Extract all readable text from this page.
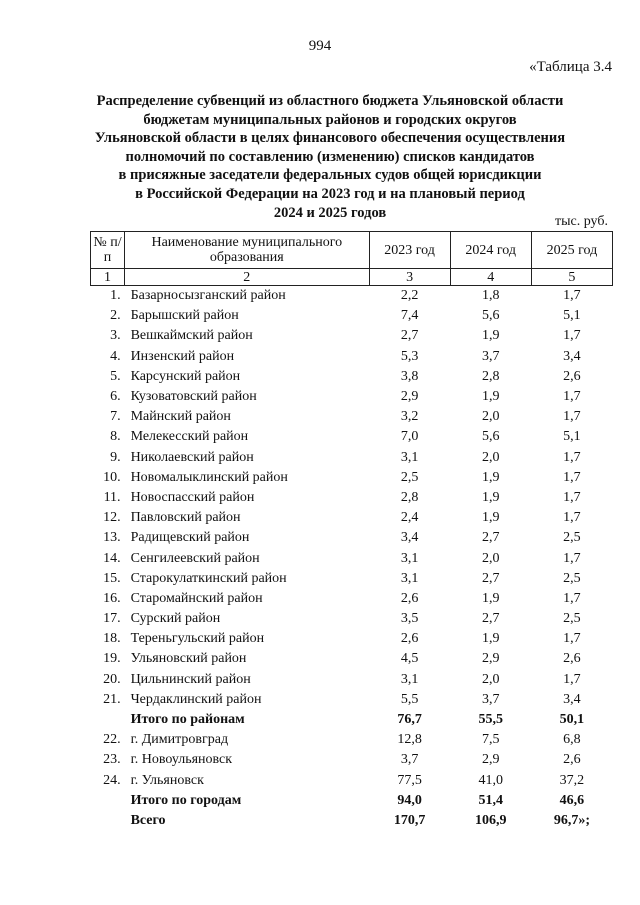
994
«Таблица 3.4
Распределение субвенций из областного бюджета Ульяновской области
бюджетам муниципальных районов и городских округов
Ульяновской области в целях финансового обеспечения осуществления
полномочий по составлению (изменению) списков кандидатов
в присяжные заседатели федеральных судов общей юрисдикции
в Российской Федерации на 2023 год и на плановый период
2024 и 2025 годов
тыс. руб.
№ п/п	Наименование муниципального образования	2023 год	2024 год	2025 год
1	2	3	4	5
1.	Базарносызганский район	2,2	1,8	1,7
2.	Барышский район	7,4	5,6	5,1
3.	Вешкаймский район	2,7	1,9	1,7
4.	Инзенский район	5,3	3,7	3,4
5.	Карсунский район	3,8	2,8	2,6
6.	Кузоватовский район	2,9	1,9	1,7
7.	Майнский район	3,2	2,0	1,7
8.	Мелекесский район	7,0	5,6	5,1
9.	Николаевский район	3,1	2,0	1,7
10.	Новомалыклинский район	2,5	1,9	1,7
11.	Новоспасский район	2,8	1,9	1,7
12.	Павловский район	2,4	1,9	1,7
13.	Радищевский район	3,4	2,7	2,5
14.	Сенгилеевский район	3,1	2,0	1,7
15.	Старокулаткинский район	3,1	2,7	2,5
16.	Старомайнский район	2,6	1,9	1,7
17.	Сурский район	3,5	2,7	2,5
18.	Тереньгульский район	2,6	1,9	1,7
19.	Ульяновский район	4,5	2,9	2,6
20.	Цильнинский район	3,1	2,0	1,7
21.	Чердаклинский район	5,5	3,7	3,4
	Итого по районам	76,7	55,5	50,1
22.	г. Димитровград	12,8	7,5	6,8
23.	г. Новоульяновск	3,7	2,9	2,6
24.	г. Ульяновск	77,5	41,0	37,2
	Итого по городам	94,0	51,4	46,6
	Всего	170,7	106,9	96,7»;
